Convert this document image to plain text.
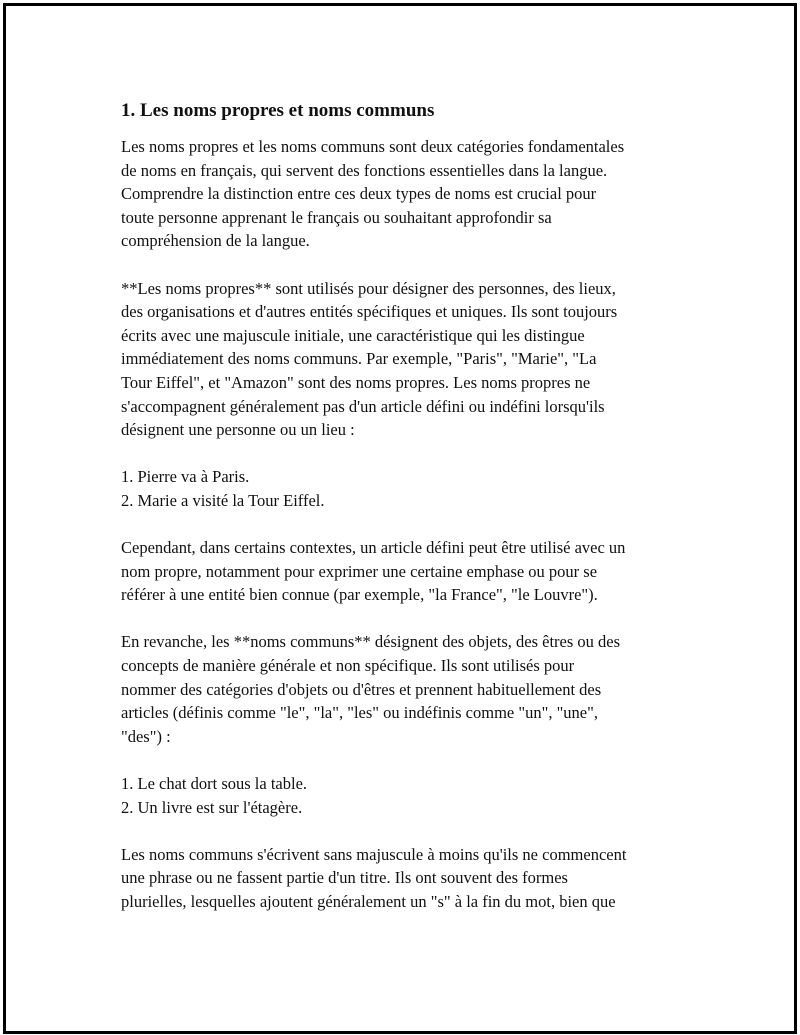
1. Les noms propres et noms communs
Les noms propres et les noms communs sont deux catégories fondamentales
de noms en français, qui servent des fonctions essentielles dans la langue.
Comprendre la distinction entre ces deux types de noms est crucial pour
toute personne apprenant le français ou souhaitant approfondir sa
compréhension de la langue.
**Les noms propres** sont utilisés pour désigner des personnes, des lieux,
des organisations et d'autres entités spécifiques et uniques. Ils sont toujours
écrits avec une majuscule initiale, une caractéristique qui les distingue
immédiatement des noms communs. Par exemple, "Paris", "Marie", "La
Tour Eiffel", et "Amazon" sont des noms propres. Les noms propres ne
s'accompagnent généralement pas d'un article défini ou indéfini lorsqu'ils
désignent une personne ou un lieu :
1. Pierre va à Paris.
2. Marie a visité la Tour Eiffel.
Cependant, dans certains contextes, un article défini peut être utilisé avec un
nom propre, notamment pour exprimer une certaine emphase ou pour se
référer à une entité bien connue (par exemple, "la France", "le Louvre").
En revanche, les **noms communs** désignent des objets, des êtres ou des
concepts de manière générale et non spécifique. Ils sont utilisés pour
nommer des catégories d'objets ou d'êtres et prennent habituellement des
articles (définis comme "le", "la", "les" ou indéfinis comme "un", "une",
"des") :
1. Le chat dort sous la table.
2. Un livre est sur l'étagère.
Les noms communs s'écrivent sans majuscule à moins qu'ils ne commencent
une phrase ou ne fassent partie d'un titre. Ils ont souvent des formes
plurielles, lesquelles ajoutent généralement un "s" à la fin du mot, bien que
